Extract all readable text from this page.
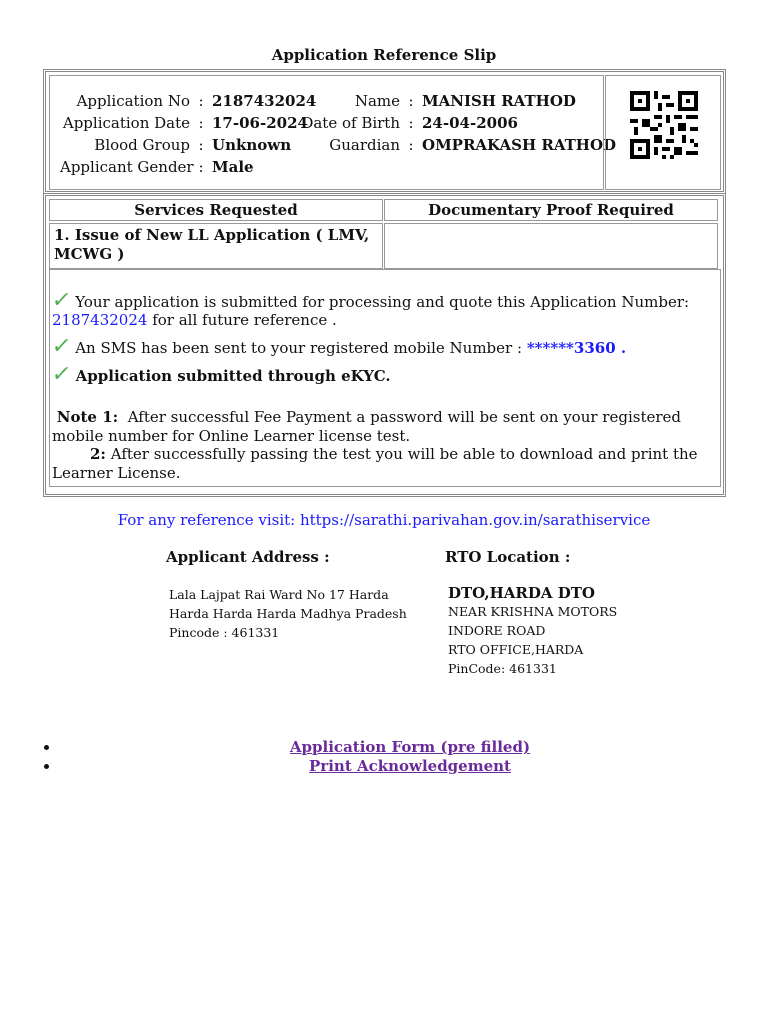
Application Reference Slip
Application No : 2187432024
Application Date : 17-06-2024
Blood Group : Unknown
Applicant Gender : Male
Name : MANISH RATHOD
Date of Birth : 24-04-2006
Guardian : OMPRAKASH RATHOD
Services Requested	Documentary Proof Required
1. Issue of New LL Application ( LMV, MCWG )
✓ Your application is submitted for processing and quote this Application Number:
2187432024 for all future reference .
✓ An SMS has been sent to your registered mobile Number : ******3360 .
✓ Application submitted through eKYC.
Note 1: After successful Fee Payment a password will be sent on your registered mobile number for Online Learner license test.
2: After successfully passing the test you will be able to download and print the Learner License.
For any reference visit: https://sarathi.parivahan.gov.in/sarathiservice
Applicant Address :	RTO Location :
Lala Lajpat Rai Ward No 17 Harda
Harda Harda Harda Madhya Pradesh
Pincode : 461331
DTO,HARDA DTO
NEAR KRISHNA MOTORS
INDORE ROAD
RTO OFFICE,HARDA
PinCode: 461331
• Application Form (pre filled)
• Print Acknowledgement
